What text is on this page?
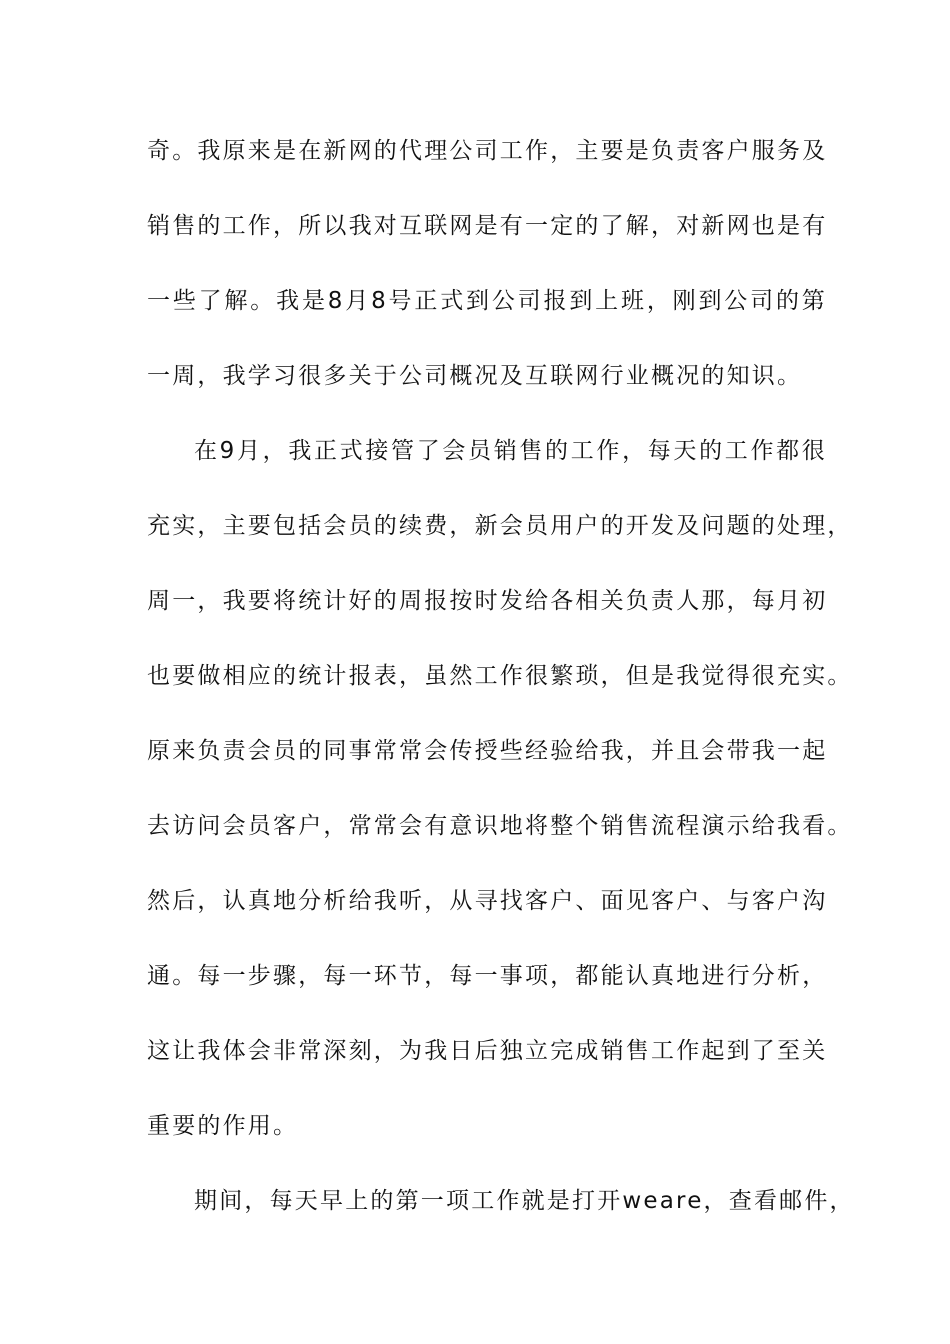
奇。我原来是在新网的代理公司工作，主要是负责客户服务及
销售的工作，所以我对互联网是有一定的了解，对新网也是有
一些了解。我是8月8号正式到公司报到上班，刚到公司的第
一周，我学习很多关于公司概况及互联网行业概况的知识。
在9月，我正式接管了会员销售的工作，每天的工作都很
充实，主要包括会员的续费，新会员用户的开发及问题的处理，
周一，我要将统计好的周报按时发给各相关负责人那，每月初
也要做相应的统计报表，虽然工作很繁琐，但是我觉得很充实。
原来负责会员的同事常常会传授些经验给我，并且会带我一起
去访问会员客户，常常会有意识地将整个销售流程演示给我看。
然后，认真地分析给我听，从寻找客户、面见客户、与客户沟
通。每一步骤，每一环节，每一事项，都能认真地进行分析，
这让我体会非常深刻，为我日后独立完成销售工作起到了至关
重要的作用。
期间，每天早上的第一项工作就是打开weare，查看邮件，
